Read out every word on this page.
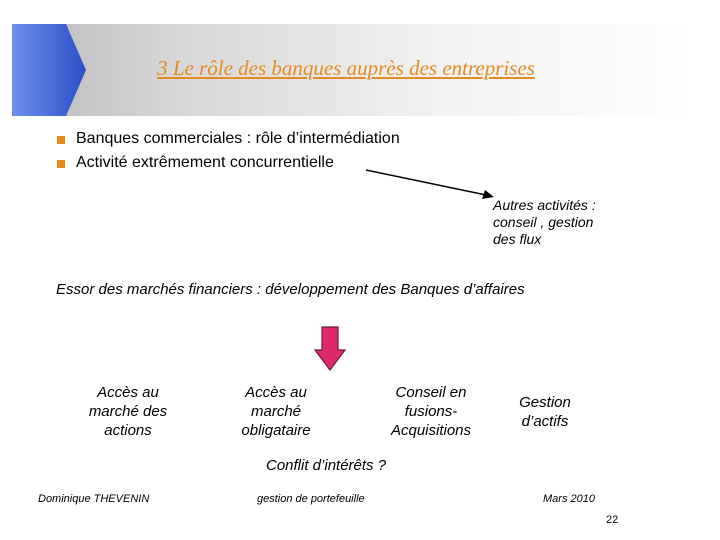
3 Le rôle des banques auprès des entreprises
Banques commerciales : rôle d’intermédiation
Activité extrêmement concurrentielle
Autres activités :
conseil , gestion
des flux
Essor des marchés financiers : développement des Banques d’affaires
Accès au
marché des
actions
Accès au
marché
obligataire
Conseil en
fusions-
Acquisitions
Gestion
d’actifs
Conflit d’intérêts ?
Dominique THEVENIN	gestion de portefeuille	Mars 2010
22
